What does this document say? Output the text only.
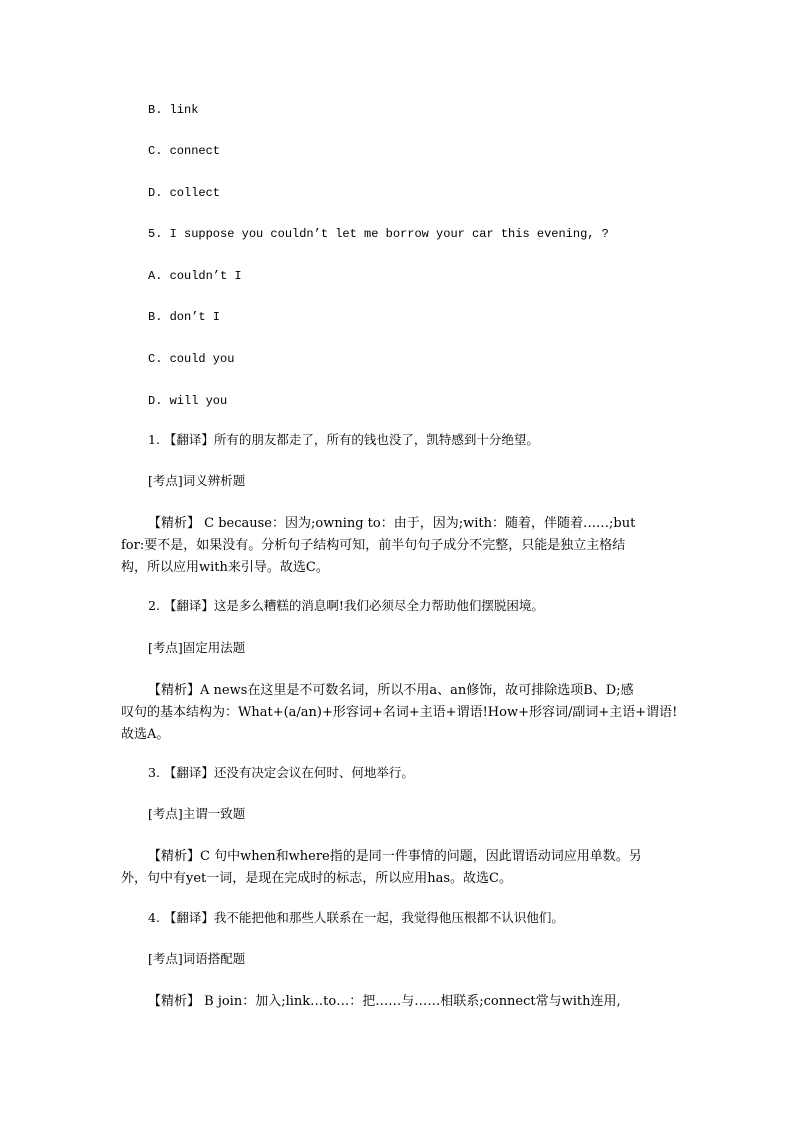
B. link
C. connect
D. collect
5. I suppose you couldn’t let me borrow your car this evening, ?
A. couldn’t I
B. don’t I
C. could you
D. will you
1. 【翻译】所有的朋友都走了，所有的钱也没了，凯特感到十分绝望。
[考点]词义辨析题
【精析】 C because：因为;owning to：由于，因为;with：随着，伴随着……;but
for:要不是，如果没有。分析句子结构可知，前半句句子成分不完整，只能是独立主格结
构，所以应用with来引导。故选C。
2. 【翻译】这是多么糟糕的消息啊!我们必须尽全力帮助他们摆脱困境。
[考点]固定用法题
【精析】A news在这里是不可数名词，所以不用a、an修饰，故可排除选项B、D;感
叹句的基本结构为：What+(a/an)+形容词+名词+主语+谓语!How+形容词/副词+主语+谓语!
故选A。
3. 【翻译】还没有决定会议在何时、何地举行。
[考点]主谓一致题
【精析】C 句中when和where指的是同一件事情的问题，因此谓语动词应用单数。另
外，句中有yet一词，是现在完成时的标志，所以应用has。故选C。
4. 【翻译】我不能把他和那些人联系在一起，我觉得他压根都不认识他们。
[考点]词语搭配题
【精析】 B join：加入;link…to…：把……与……相联系;connect常与with连用,
